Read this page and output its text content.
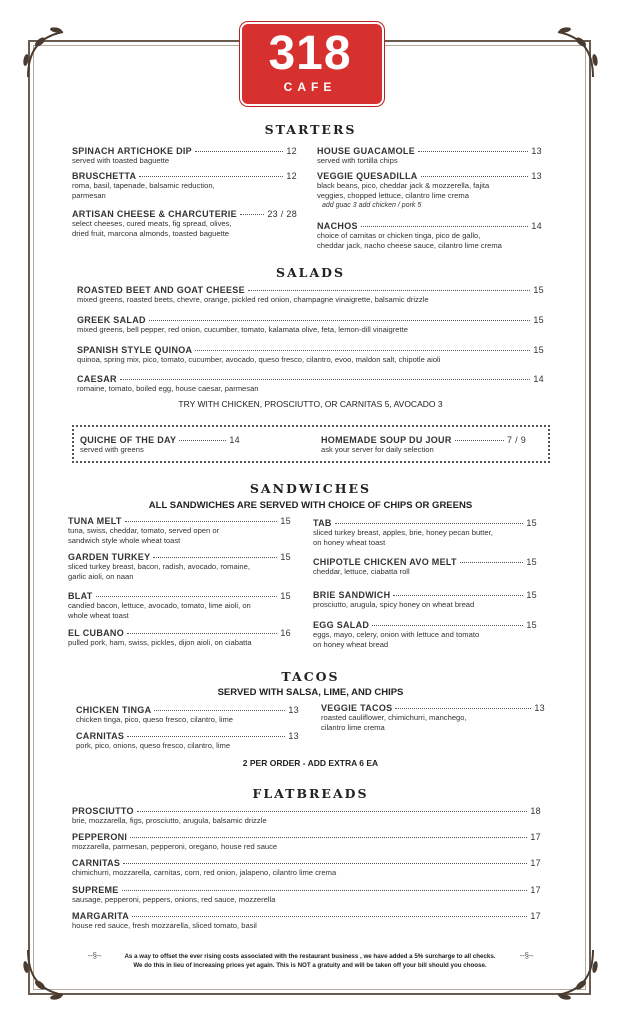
318
CAFE
STARTERS
SALADS
SANDWICHES
TACOS
FLATBREADS
TRY WITH CHICKEN, PROSCIUTTO, OR CARNITAS 5, AVOCADO 3
ALL SANDWICHES ARE SERVED WITH CHOICE OF CHIPS OR GREENS
SERVED WITH SALSA, LIME, AND CHIPS
2 PER ORDER - ADD EXTRA 6 EA
SPINACH ARTICHOKE DIP	12
served with toasted baguette
BRUSCHETTA	12
roma, basil, tapenade, balsamic reduction,
parmesan
ARTISAN CHEESE & CHARCUTERIE	23 / 28
select cheeses, cured meats, fig spread, olives,
dried fruit, marcona almonds, toasted baguette
HOUSE GUACAMOLE	13
served with tortilla chips
VEGGIE QUESADILLA	13
black beans, pico, cheddar jack & mozzerella, fajita
veggies, chopped lettuce, cilantro lime crema
add guac 3 add chicken / pork 5
NACHOS	14
choice of carnitas or chicken tinga, pico de gallo,
cheddar jack, nacho cheese sauce, cilantro lime crema
ROASTED BEET AND GOAT CHEESE	15
mixed greens, roasted beets, chevre, orange, pickled red onion, champagne vinaigrette, balsamic drizzle
GREEK SALAD	15
mixed greens, bell pepper, red onion, cucumber, tomato, kalamata olive, feta, lemon-dill vinaigrette
SPANISH STYLE QUINOA	15
quinoa, spring mix, pico, tomato, cucumber, avocado, queso fresco, cilantro, evoo, maldon salt, chipotle aioli
CAESAR	14
romaine, tomato, boiled egg, house caesar, parmesan
QUICHE OF THE DAY	14
served with greens
HOMEMADE SOUP DU JOUR	7 / 9
ask your server for daily selection
TUNA MELT	15
tuna, swiss, cheddar, tomato, served open or
sandwich style whole wheat toast
GARDEN TURKEY	15
sliced turkey breast, bacon, radish, avocado, romaine,
garlic aioli, on naan
BLAT	15
candied bacon, lettuce, avocado, tomato, lime aioli, on
whole wheat toast
EL CUBANO	16
pulled pork, ham, swiss, pickles, dijon aioli, on ciabatta
TAB	15
sliced turkey breast, apples, brie, honey pecan butter,
on honey wheat toast
CHIPOTLE CHICKEN AVO MELT	15
cheddar, lettuce, ciabatta roll
BRIE SANDWICH	15
prosciutto, arugula, spicy honey on wheat bread
EGG SALAD	15
eggs, mayo, celery, onion with lettuce and tomato
on honey wheat bread
CHICKEN TINGA	13
chicken tinga, pico, queso fresco, cilantro, lime
CARNITAS	13
pork, pico, onions, queso fresco, cilantro, lime
VEGGIE TACOS	13
roasted cauliflower, chimichurri, manchego,
cilantro lime crema
PROSCIUTTO	18
brie, mozzarella, figs, prosciutto, arugula, balsamic drizzle
PEPPERONI	17
mozzarella, parmesan, pepperoni, oregano, house red sauce
CARNITAS	17
chimichurri, mozzarella, carnitas, corn, red onion, jalapeno, cilantro lime crema
SUPREME	17
sausage, pepperoni, peppers, onions, red sauce, mozzerella
MARGARITA	17
house red sauce, fresh mozzarella, sliced tomato, basil
–§–	–§–
As a way to offset the ever rising costs associated with the restaurant business , we have added a 5% surcharge to all checks.
We do this in lieu of increasing prices yet again. This is NOT a gratuity and will be taken off your bill should you choose.
